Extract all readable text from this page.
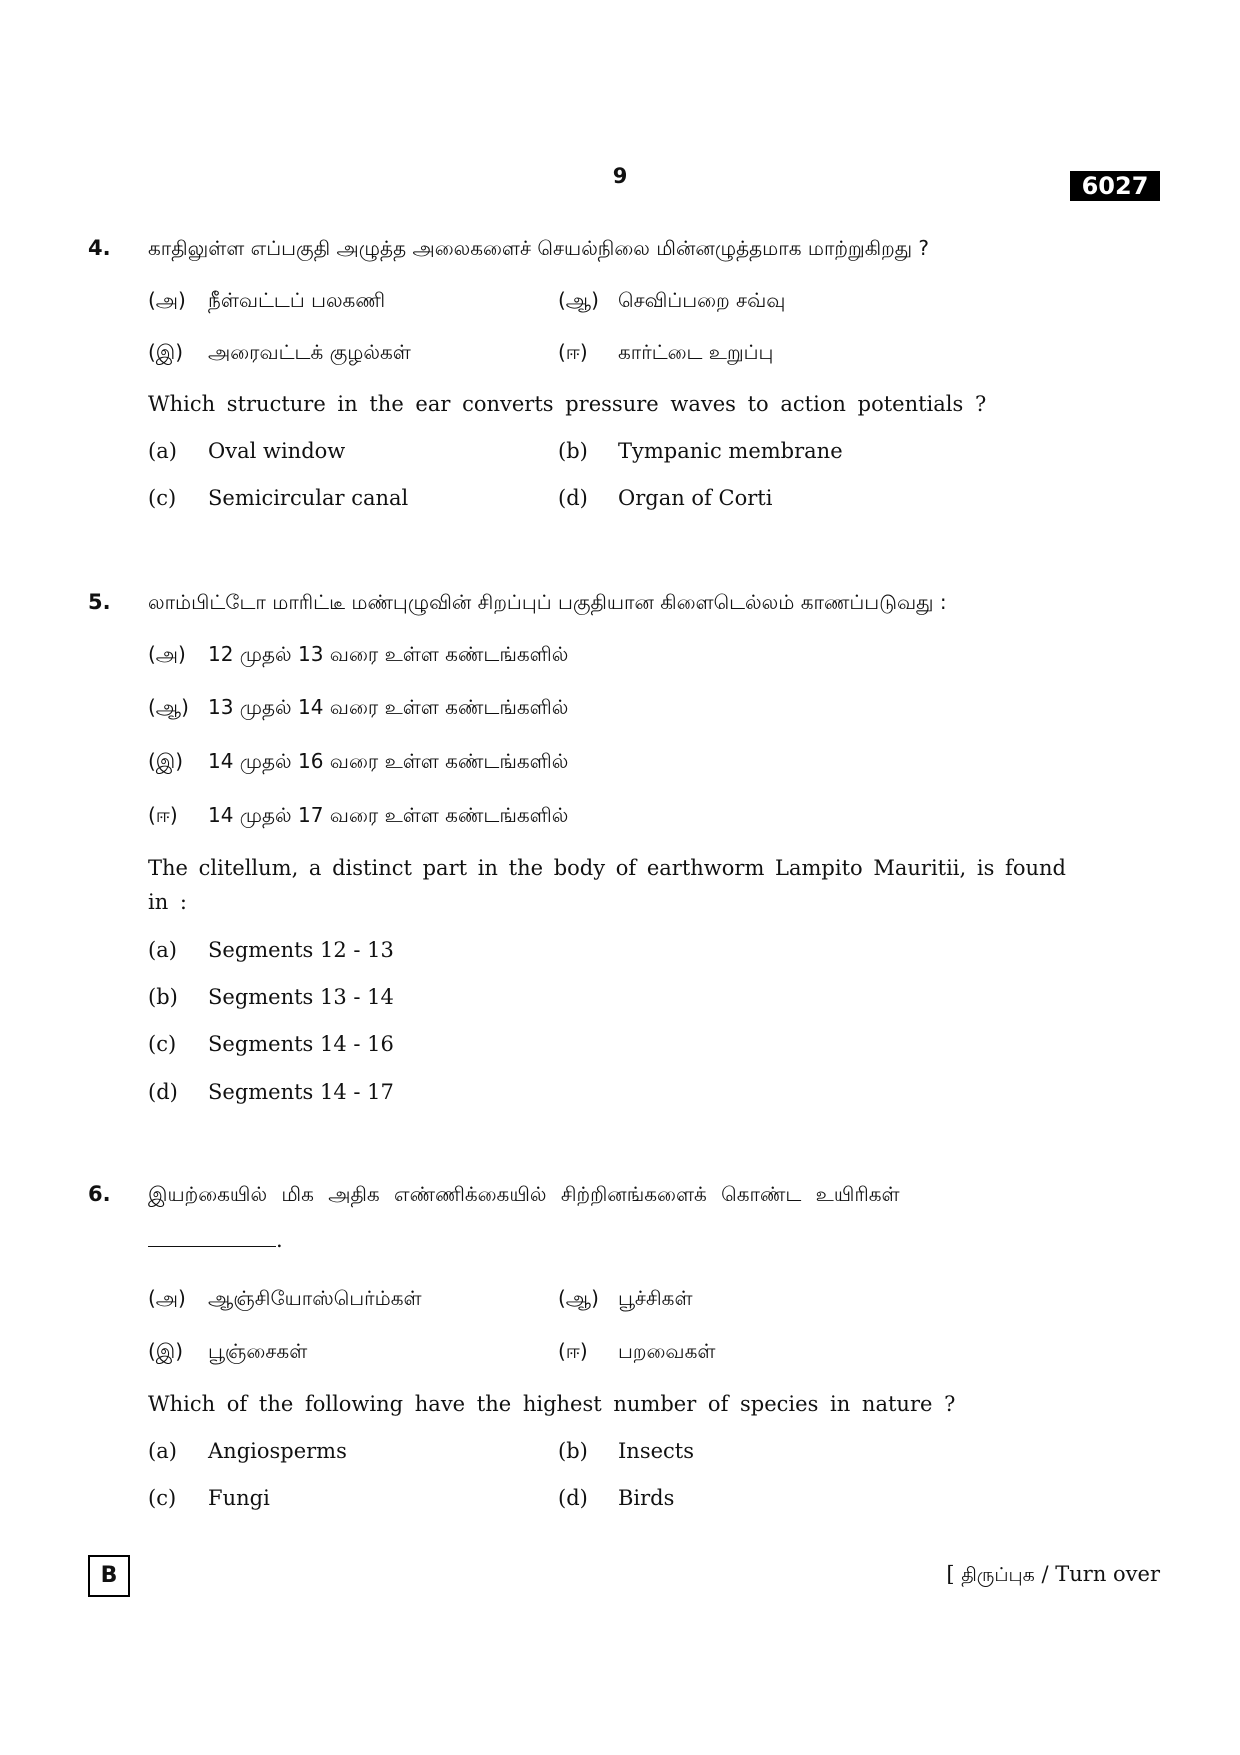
9	6027
4. காதிலுள்ள எப்பகுதி அழுத்த அலைகளைச் செயல்நிலை மின்னழுத்தமாக மாற்றுகிறது ?
(அ) நீள்வட்டப் பலகணி	(ஆ) செவிப்பறை சவ்வு
(இ) அரைவட்டக் குழல்கள்	(ஈ) கார்ட்டை உறுப்பு
Which structure in the ear converts pressure waves to action potentials ?
(a) Oval window	(b) Tympanic membrane
(c) Semicircular canal	(d) Organ of Corti
5. லாம்பிட்டோ மாரிட்டீ மண்புழுவின் சிறப்புப் பகுதியான கிளைடெல்லம் காணப்படுவது :
(அ) 12 முதல் 13 வரை உள்ள கண்டங்களில்
(ஆ) 13 முதல் 14 வரை உள்ள கண்டங்களில்
(இ) 14 முதல் 16 வரை உள்ள கண்டங்களில்
(ஈ) 14 முதல் 17 வரை உள்ள கண்டங்களில்
The clitellum, a distinct part in the body of earthworm Lampito Mauritii, is found
in :
(a) Segments 12 - 13
(b) Segments 13 - 14
(c) Segments 14 - 16
(d) Segments 14 - 17
6. இயற்கையில் மிக அதிக எண்ணிக்கையில் சிற்றினங்களைக் கொண்ட உயிரிகள்
.
(அ) ஆஞ்சியோஸ்பெர்ம்கள்	(ஆ) பூச்சிகள்
(இ) பூஞ்சைகள்	(ஈ) பறவைகள்
Which of the following have the highest number of species in nature ?
(a) Angiosperms	(b) Insects
(c) Fungi	(d) Birds
B	[ திருப்புக / Turn over
